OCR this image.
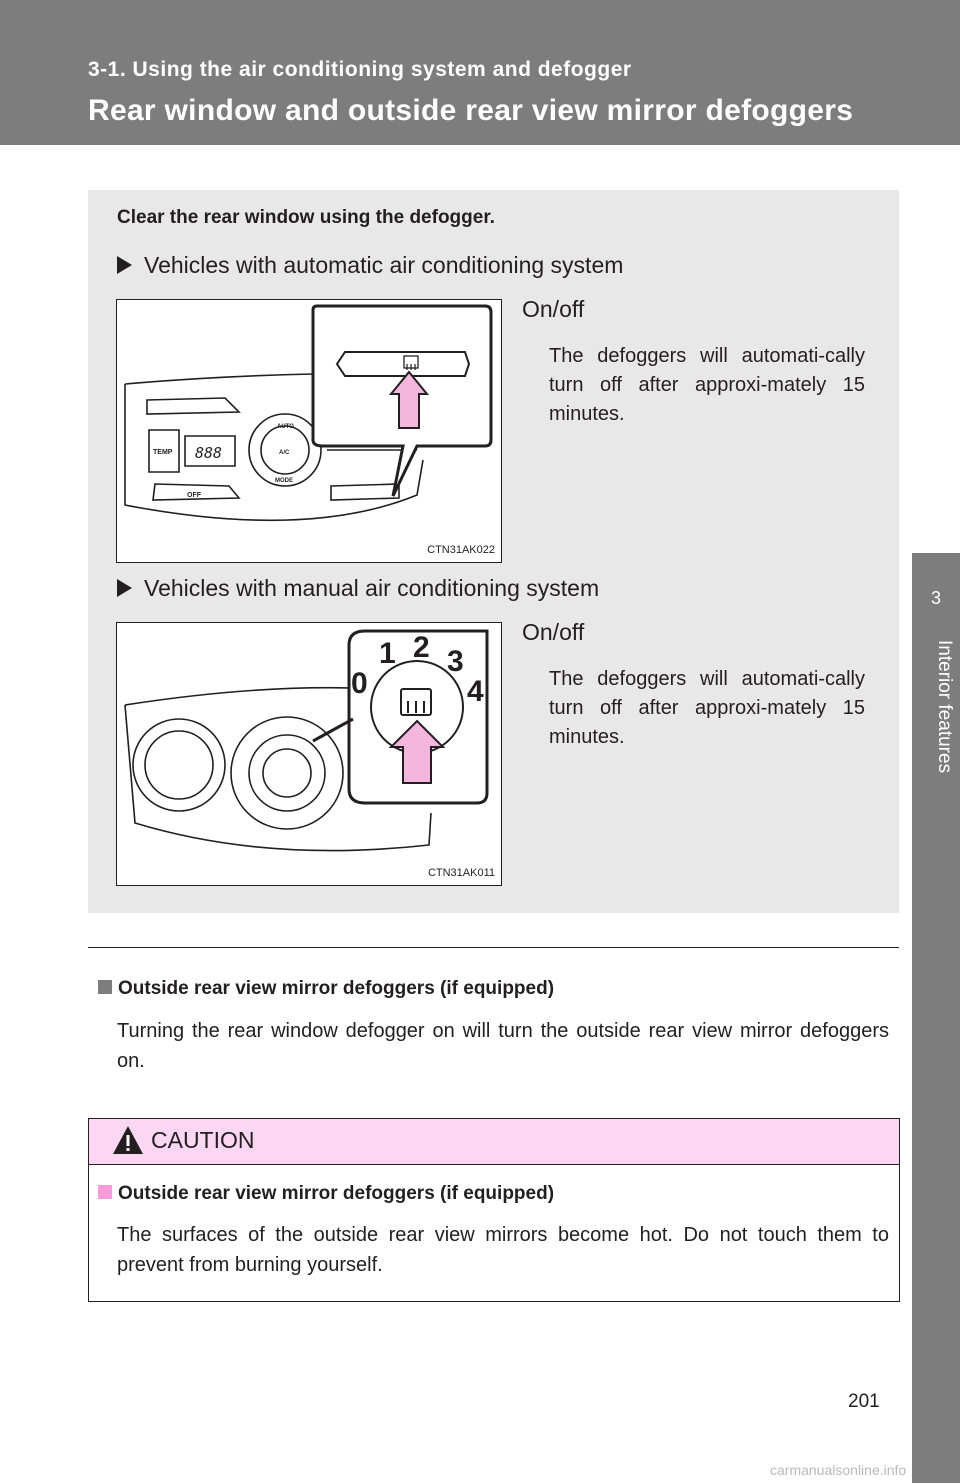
3-1. Using the air conditioning system and defogger
Rear window and outside rear view mirror defoggers
3
Interior features
Clear the rear window using the defogger.
Vehicles with automatic air conditioning system
TEMP 888
AUTO
A/C
MODE
OFF
CTN31AK022
On/off
The defoggers will automati-cally turn off after approxi-mately 15 minutes.
Vehicles with manual air conditioning system
0
1 2 3
4
CTN31AK011
On/off
The defoggers will automati-cally turn off after approxi-mately 15 minutes.
Outside rear view mirror defoggers (if equipped)
Turning the rear window defogger on will turn the outside rear view mirror defoggers on.
CAUTION
Outside rear view mirror defoggers (if equipped)
The surfaces of the outside rear view mirrors become hot. Do not touch them to prevent from burning yourself.
201
carmanualsonline.info
